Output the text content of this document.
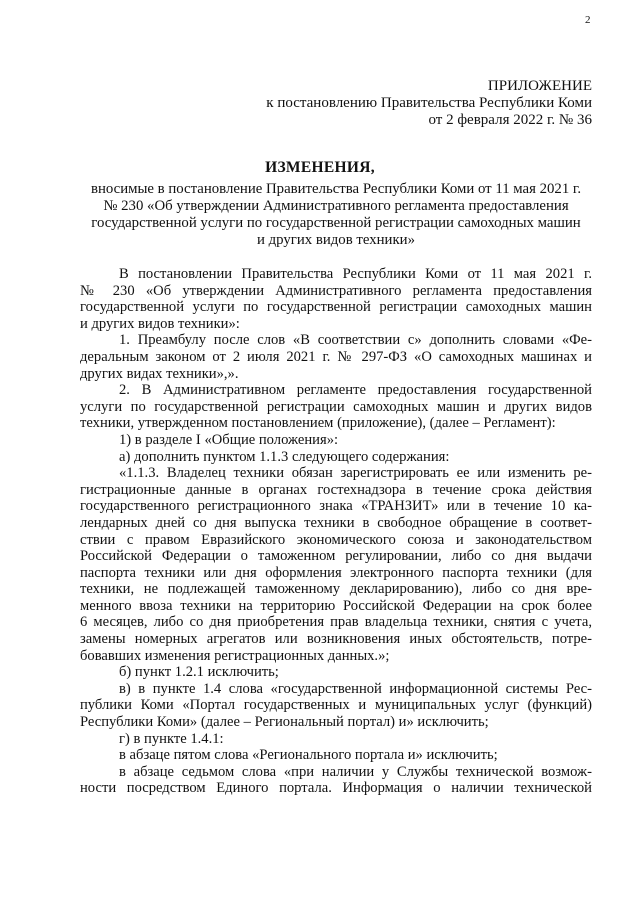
2
ПРИЛОЖЕНИЕ
к постановлению Правительства Республики Коми
от 2 февраля 2022 г. № 36
ИЗМЕНЕНИЯ,
вносимые в постановление Правительства Республики Коми от 11 мая 2021 г.
№ 230 «Об утверждении Административного регламента предоставления
государственной услуги по государственной регистрации самоходных машин
и других видов техники»
В постановлении Правительства Республики Коми от 11 мая 2021 г.
№ 230 «Об утверждении Административного регламента предоставления
государственной услуги по государственной регистрации самоходных машин
и других видов техники»:
1. Преамбулу после слов «В соответствии с» дополнить словами «Фе-
деральным законом от 2 июля 2021 г. № 297-ФЗ «О самоходных машинах и
других видах техники»,».
2. В Административном регламенте предоставления государственной
услуги по государственной регистрации самоходных машин и других видов
техники, утвержденном постановлением (приложение), (далее – Регламент):
1) в разделе I «Общие положения»:
а) дополнить пунктом 1.1.3 следующего содержания:
«1.1.3. Владелец техники обязан зарегистрировать ее или изменить ре-
гистрационные данные в органах гостехнадзора в течение срока действия
государственного регистрационного знака «ТРАНЗИТ» или в течение 10 ка-
лендарных дней со дня выпуска техники в свободное обращение в соответ-
ствии с правом Евразийского экономического союза и законодательством
Российской Федерации о таможенном регулировании, либо со дня выдачи
паспорта техники или дня оформления электронного паспорта техники (для
техники, не подлежащей таможенному декларированию), либо со дня вре-
менного ввоза техники на территорию Российской Федерации на срок более
6 месяцев, либо со дня приобретения прав владельца техники, снятия с учета,
замены номерных агрегатов или возникновения иных обстоятельств, потре-
бовавших изменения регистрационных данных.»;
б) пункт 1.2.1 исключить;
в) в пункте 1.4 слова «государственной информационной системы Рес-
публики Коми «Портал государственных и муниципальных услуг (функций)
Республики Коми» (далее – Региональный портал) и» исключить;
г) в пункте 1.4.1:
в абзаце пятом слова «Регионального портала и» исключить;
в абзаце седьмом слова «при наличии у Службы технической возмож-
ности посредством Единого портала. Информация о наличии технической
